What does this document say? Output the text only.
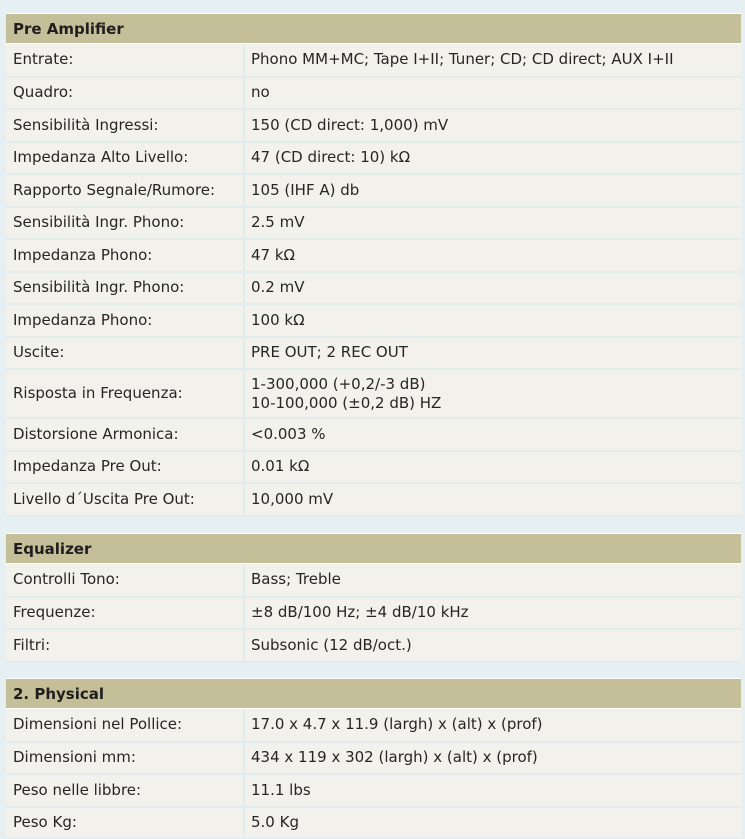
Pre Amplifier
Entrate:	Phono MM+MC; Tape I+II; Tuner; CD; CD direct; AUX I+II
Quadro:	no
Sensibilità Ingressi:	150 (CD direct: 1,000) mV
Impedanza Alto Livello:	47 (CD direct: 10) kΩ
Rapporto Segnale/Rumore:	105 (IHF A) db
Sensibilità Ingr. Phono:	2.5 mV
Impedanza Phono:	47 kΩ
Sensibilità Ingr. Phono:	0.2 mV
Impedanza Phono:	100 kΩ
Uscite:	PRE OUT; 2 REC OUT
Risposta in Frequenza:	1-300,000 (+0,2/-3 dB)
10-100,000 (±0,2 dB) HZ

Distorsione Armonica:	<0.003 %
Impedanza Pre Out:	0.01 kΩ
Livello d´Uscita Pre Out:	10,000 mV
Equalizer
Controlli Tono:	Bass; Treble
Frequenze:	±8 dB/100 Hz; ±4 dB/10 kHz
Filtri:	Subsonic (12 dB/oct.)
2. Physical
Dimensioni nel Pollice:	17.0 x 4.7 x 11.9 (largh) x (alt) x (prof)
Dimensioni mm:	434 x 119 x 302 (largh) x (alt) x (prof)
Peso nelle libbre:	11.1 lbs
Peso Kg:	5.0 Kg
